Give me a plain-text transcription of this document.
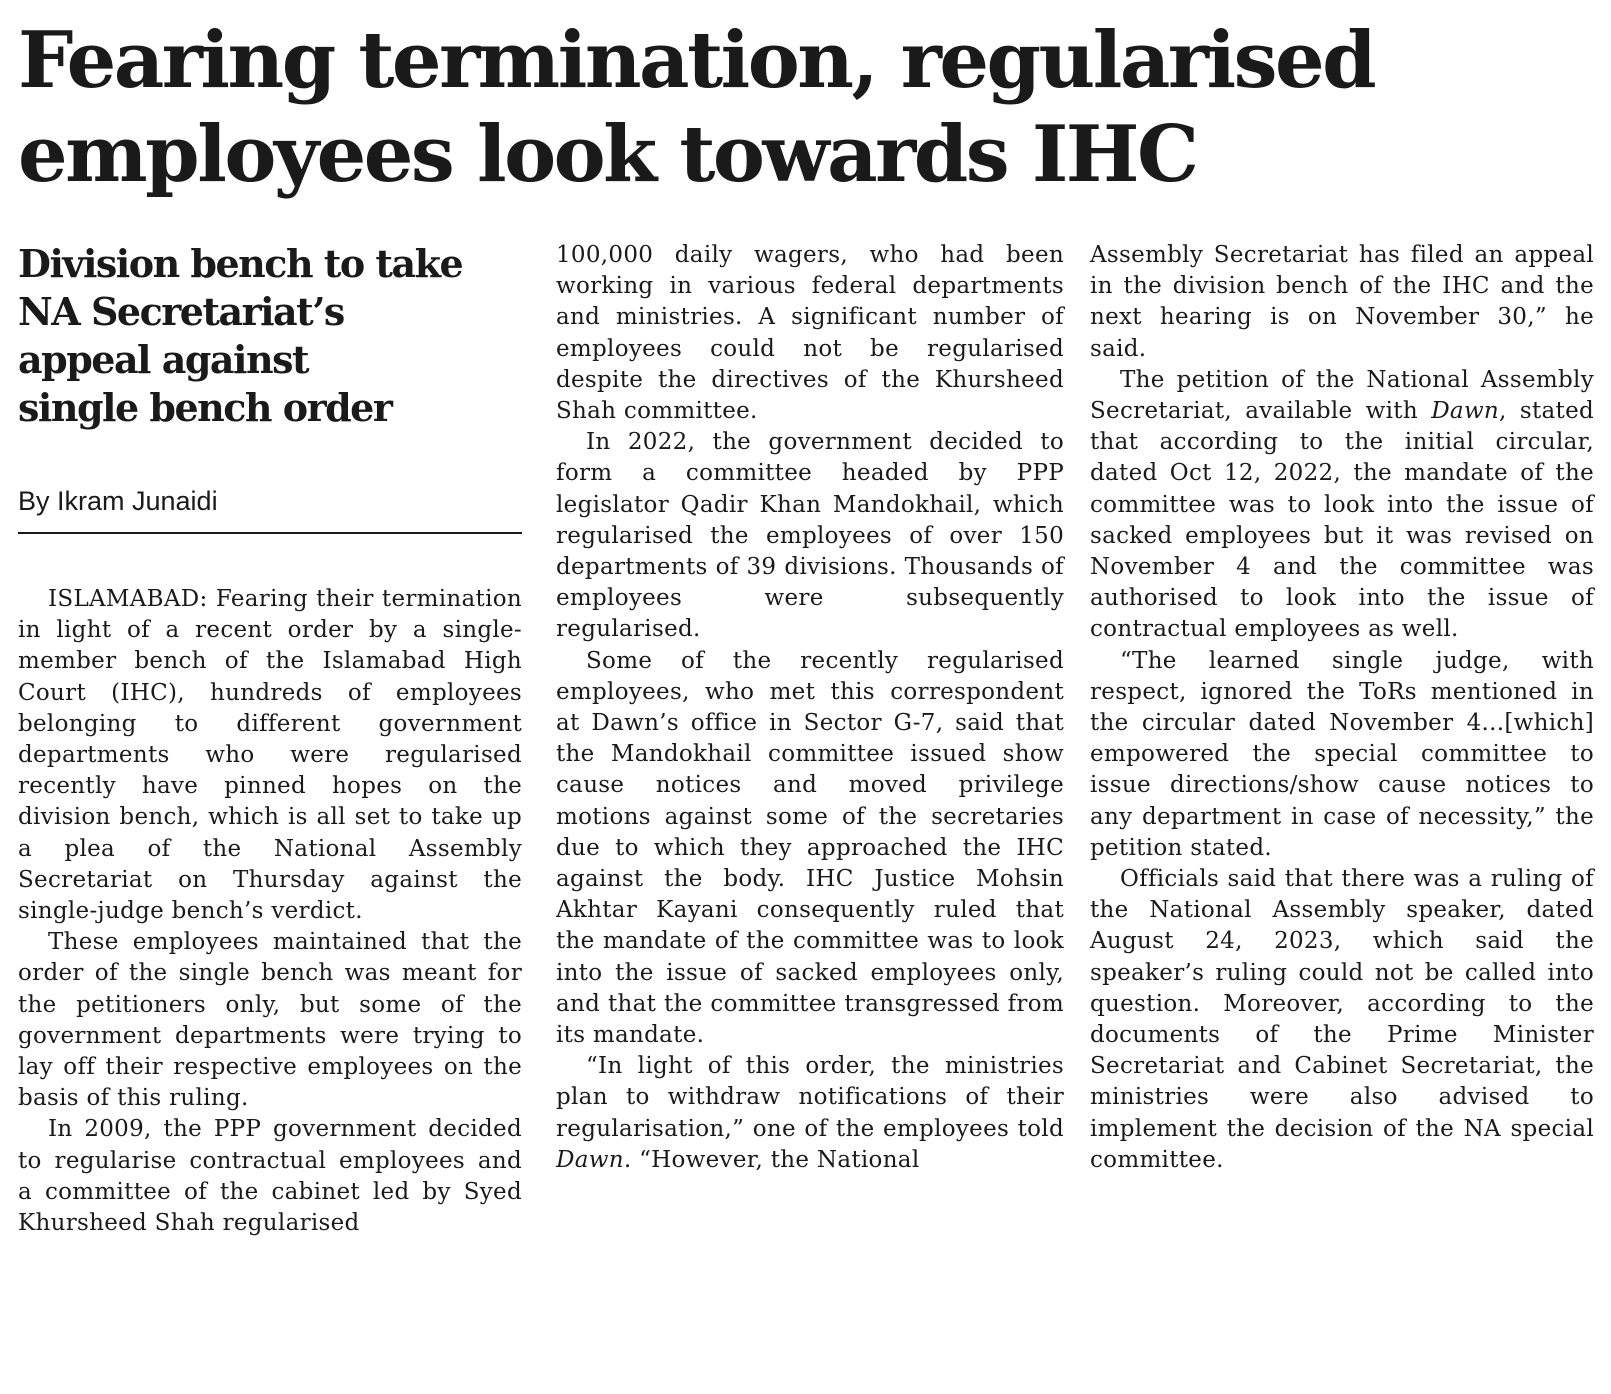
Fearing termination, regularised
employees look towards IHC
Division bench to take
NA Secretariat’s
appeal against
single bench order
By Ikram Junaidi

ISLAMABAD: Fearing their termination in light of a recent order by a single-member bench of the Islamabad High Court (IHC), hundreds of employees belonging to different government departments who were regularised recently have pinned hopes on the division bench, which is all set to take up a plea of the National Assembly Secretariat on Thursday against the single-judge bench’s verdict.

These employees maintained that the order of the single bench was meant for the petitioners only, but some of the government departments were trying to lay off their respective employees on the basis of this ruling.

In 2009, the PPP government decided to regularise contractual employees and a committee of the cabinet led by Syed Khursheed Shah regularised

100,000 daily wagers, who had been working in various federal departments and ministries. A significant number of employees could not be regularised despite the directives of the Khursheed Shah committee.

In 2022, the government decided to form a committee headed by PPP legislator Qadir Khan Mandokhail, which regularised the employees of over 150 departments of 39 divisions. Thousands of employees were subsequently regularised.

Some of the recently regularised employees, who met this correspondent at Dawn’s office in Sector G-7, said that the Mandokhail committee issued show cause notices and moved privilege motions against some of the secretaries due to which they approached the IHC against the body. IHC Justice Mohsin Akhtar Kayani consequently ruled that the mandate of the committee was to look into the issue of sacked employees only, and that the committee transgressed from its mandate.

“In light of this order, the ministries plan to withdraw notifications of their regularisation,” one of the employees told Dawn. “However, the National

Assembly Secretariat has filed an appeal in the division bench of the IHC and the next hearing is on November 30,” he said.

The petition of the National Assembly Secretariat, available with Dawn, stated that according to the initial circular, dated Oct 12, 2022, the mandate of the committee was to look into the issue of sacked employees but it was revised on November 4 and the committee was authorised to look into the issue of contractual employees as well.

“The learned single judge, with respect, ignored the ToRs mentioned in the circular dated November 4...[which] empowered the special committee to issue directions/show cause notices to any department in case of necessity,” the petition stated.

Officials said that there was a ruling of the National Assembly speaker, dated August 24, 2023, which said the speaker’s ruling could not be called into question. Moreover, according to the documents of the Prime Minister Secretariat and Cabinet Secretariat, the ministries were also advised to implement the decision of the NA special committee.
